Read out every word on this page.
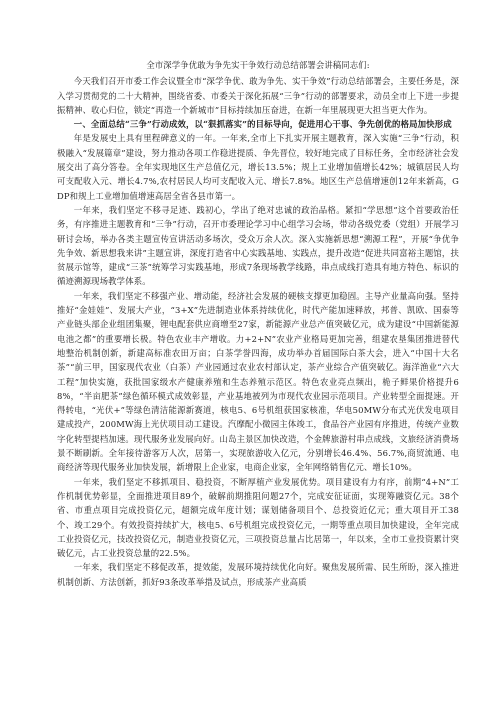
全市深学争优敢为争先实干争效行动总结部署会讲稿同志们:

今天我们召开市委工作会议暨全市“深学争优、敢为争先、实干争效”行动总结部署会，主要任务是，深入学习贯彻党的二十大精神，围绕省委、市委关于深化拓展“三争”行动的部署要求，动员全市上下进一步提振精神、收心归位，锁定“再造一个新城市”目标持续加压奋进，在新一年里展现更大担当更大作为。

一、全面总结“三争”行动成效，以“狠抓落实”的目标导向，促进用心干事、争先创优的格局加快形成

年是发展史上具有里程碑意义的一年。一年来,全市上下扎实开展主题教育，深入实施“三争”行动，积极融入“发展篇章”建设，努力推动各项工作稳进提质、争先晋位，较好地完成了目标任务，全市经济社会发展交出了高分答卷。全年实现地区生产总值亿元，增长13.5%；规上工业增加值增长42%；城镇居民人均可支配收入元、增长4.7%,农村居民人均可支配收入元、增长7.8%。地区生产总值增速创12年来新高，GDP和规上工业增加值增速高居全省各县市第一。

一年来，我们坚定不移寻足迹、践初心，学出了绝对忠诚的政治品格。紧扣“学思想”这个首要政治任务，有序推进主题教育和“三争”行动，召开市委理论学习中心组学习会场，带动各级党委（党组）开展学习研讨会场，举办各类主题宣传宣讲活动多场次，受众万余人次。深入实施新思想“溯源工程”，开展“争优争先争效、新思想我来讲”主题宣讲，深度打造省中心实践基地、实践点，提升改造“促进共同富裕主题馆，扶贫展示馆等，建成“三茶”统筹学习实践基地，形成7条现场教学线路，串点成线打造具有地方特色、标识的循迹溯源现场教学体系。

一年来，我们坚定不移强产业、增动能，经济社会发展的硬核支撑更加稳固。主导产业量高向强。坚持推好“金娃娃”、发展大产业，“3+X”先进制造业体系持续优化，时代产能加速释放，邦普、凯欧、国泰等产业链头部企业组团集聚，锂电配套供应商增至27家，新能源产业总产值突破亿元，成为建设“中国新能源电池之都”的重要增长极。特色农业丰产增收。力+2+N”农业产业格局更加完善，组建农垦集团推进替代地整治机制创新，新建高标准农田万亩；白茶学誉四海，成功举办首届国际白茶大会，进入“中国十大名茶”“前三甲，国家现代农业（白茶）产业园通过农业农村部认定，茶产业综合产值突破亿。海洋渔业“六大工程”加快实施，获批国家级水产健康养殖和生态养殖示范区。特色农业亮点频出，桅子鲜果价格提升68%，“半亩肥茶”绿色循环模式成效彰显，产业基地被列为市现代农业园示范项目。产业转型全面提速。开得转电，“光伏+”等绿色清洁能源新赛道，核电5、6号机组获国家核准，华电50MW分布式光伏发电项目建成投产，200MW海上光伏项目动工建设。汽摩配小微园主体竣工，食品谷产业园有序推进，传统产业数字化转型提档加速。现代服务业发展向好。山岛主景区加快改造，个金牌旅游村串点成线，文旅经济消费场景不断刷新。全年接待游客万人次，居第一，实现旅游收入亿元，分别增长46.4%、56.7%,商贸流通、电商经济等现代服务业加快发展，新增限上企业家，电商企业家，全年网络销售亿元、增长10%。

一年来，我们坚定不移抓项目、稳投资，不断厚植产业发展优势。项目建设有力有序，前期“4+N”工作机制优势彰显，全面推进项目89个，破解前期推阻问题27个，完成安征证面，实现筹融资亿元。38个省、市重点项目完成投资亿元，超额完成年度计划；谋划储备项目个、总投资近亿元；重大项目开工38个、竣工29个。有效投资持续扩大，核电5、6号机组完成投资亿元，一期等重点项目加快建设，全年完成工业投资亿元，技改投资亿元，制造业投资亿元，三项投资总量占比居第一，年以来，全市工业投资累计突破亿元，占工业投资总量的22.5%。

一年来，我们坚定不移促改革，提效能，发展环境持续优化向好。聚焦发展所需、民生所盼，深入推进机制创新、方法创新，抓好93条改革举措及试点，形成茶产业高质
